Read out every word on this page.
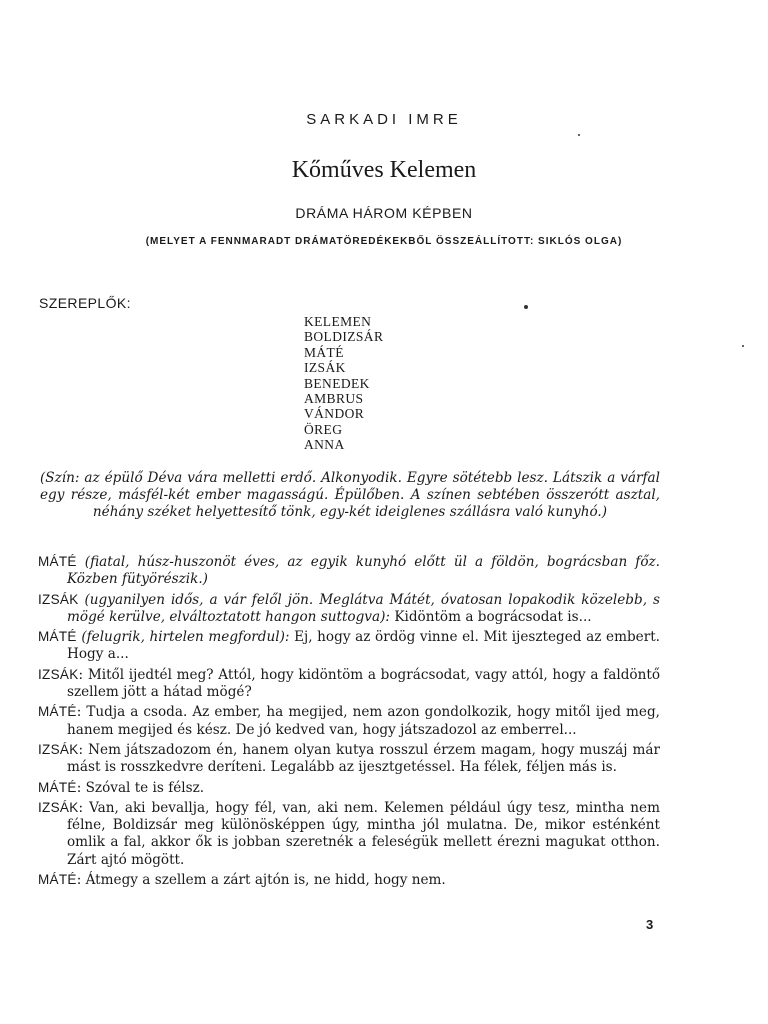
SARKADI IMRE
Kőműves Kelemen
DRÁMA HÁROM KÉPBEN
(MELYET A FENNMARADT DRÁMATÖREDÉKEKBŐL ÖSSZEÁLLÍTOTT: SIKLÓS OLGA)
SZEREPLŐK:
KELEMEN
BOLDIZSÁR
MÁTÉ
IZSÁK
BENEDEK
AMBRUS
VÁNDOR
ÖREG
ANNA
(Szín: az épülő Déva vára melletti erdő. Alkonyodik. Egyre sötétebb lesz. Látszik a várfal egy része, másfél-két ember magasságú. Épülőben. A színen sebtében összerótt asztal, néhány széket helyettesítő tönk, egy-két ideiglenes szállásra való kunyhó.)

MÁTÉ (fiatal, húsz-huszonöt éves, az egyik kunyhó előtt ül a földön, bográcsban főz. Közben fütyörészik.)

IZSÁK (ugyanilyen idős, a vár felől jön. Meglátva Mátét, óvatosan lopakodik közelebb, s mögé kerülve, elváltoztatott hangon suttogva): Kidöntöm a bográcsodat is...

MÁTÉ (felugrik, hirtelen megfordul): Ej, hogy az ördög vinne el. Mit ijeszteged az embert. Hogy a...

IZSÁK: Mitől ijedtél meg? Attól, hogy kidöntöm a bográcsodat, vagy attól, hogy a faldöntő szellem jött a hátad mögé?

MÁTÉ: Tudja a csoda. Az ember, ha megijed, nem azon gondolkozik, hogy mitől ijed meg, hanem megijed és kész. De jó kedved van, hogy játszadozol az emberrel...

IZSÁK: Nem játszadozom én, hanem olyan kutya rosszul érzem magam, hogy muszáj már mást is rosszkedvre deríteni. Legalább az ijesztgetéssel. Ha félek, féljen más is.

MÁTÉ: Szóval te is félsz.

IZSÁK: Van, aki bevallja, hogy fél, van, aki nem. Kelemen például úgy tesz, mintha nem félne, Boldizsár meg különösképpen úgy, mintha jól mulatna. De, mikor esténként omlik a fal, akkor ők is jobban szeretnék a feleségük mellett érezni magukat otthon. Zárt ajtó mögött.

MÁTÉ: Átmegy a szellem a zárt ajtón is, ne hidd, hogy nem.

3
